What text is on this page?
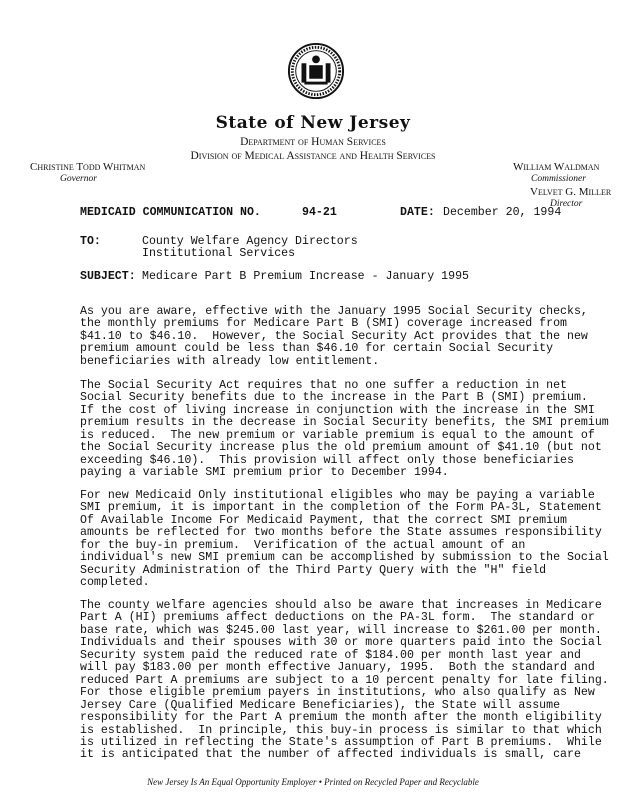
State of New Jersey
Department of Human Services
Division of Medical Assistance and Health Services
Christine Todd Whitman
Governor
William Waldman
Commissioner
Velvet G. Miller
Director
MEDICAID COMMUNICATION NO.	94-21	DATE: December 20, 1994
TO:	County Welfare Agency Directors
Institutional Services
SUBJECT: Medicare Part B Premium Increase - January 1995
As you are aware, effective with the January 1995 Social Security checks,
the monthly premiums for Medicare Part B (SMI) coverage increased from
$41.10 to $46.10.  However, the Social Security Act provides that the new
premium amount could be less than $46.10 for certain Social Security
beneficiaries with already low entitlement.
The Social Security Act requires that no one suffer a reduction in net
Social Security benefits due to the increase in the Part B (SMI) premium.
If the cost of living increase in conjunction with the increase in the SMI
premium results in the decrease in Social Security benefits, the SMI premium
is reduced.  The new premium or variable premium is equal to the amount of
the Social Security increase plus the old premium amount of $41.10 (but not
exceeding $46.10).  This provision will affect only those beneficiaries
paying a variable SMI premium prior to December 1994.
For new Medicaid Only institutional eligibles who may be paying a variable
SMI premium, it is important in the completion of the Form PA-3L, Statement
Of Available Income For Medicaid Payment, that the correct SMI premium
amounts be reflected for two months before the State assumes responsibility
for the buy-in premium.  Verification of the actual amount of an
individual's new SMI premium can be accomplished by submission to the Social
Security Administration of the Third Party Query with the "H" field
completed.
The county welfare agencies should also be aware that increases in Medicare
Part A (HI) premiums affect deductions on the PA-3L form.  The standard or
base rate, which was $245.00 last year, will increase to $261.00 per month.
Individuals and their spouses with 30 or more quarters paid into the Social
Security system paid the reduced rate of $184.00 per month last year and
will pay $183.00 per month effective January, 1995.  Both the standard and
reduced Part A premiums are subject to a 10 percent penalty for late filing.
For those eligible premium payers in institutions, who also qualify as New
Jersey Care (Qualified Medicare Beneficiaries), the State will assume
responsibility for the Part A premium the month after the month eligibility
is established.  In principle, this buy-in process is similar to that which
is utilized in reflecting the State's assumption of Part B premiums.  While
it is anticipated that the number of affected individuals is small, care
New Jersey Is An Equal Opportunity Employer • Printed on Recycled Paper and Recyclable
